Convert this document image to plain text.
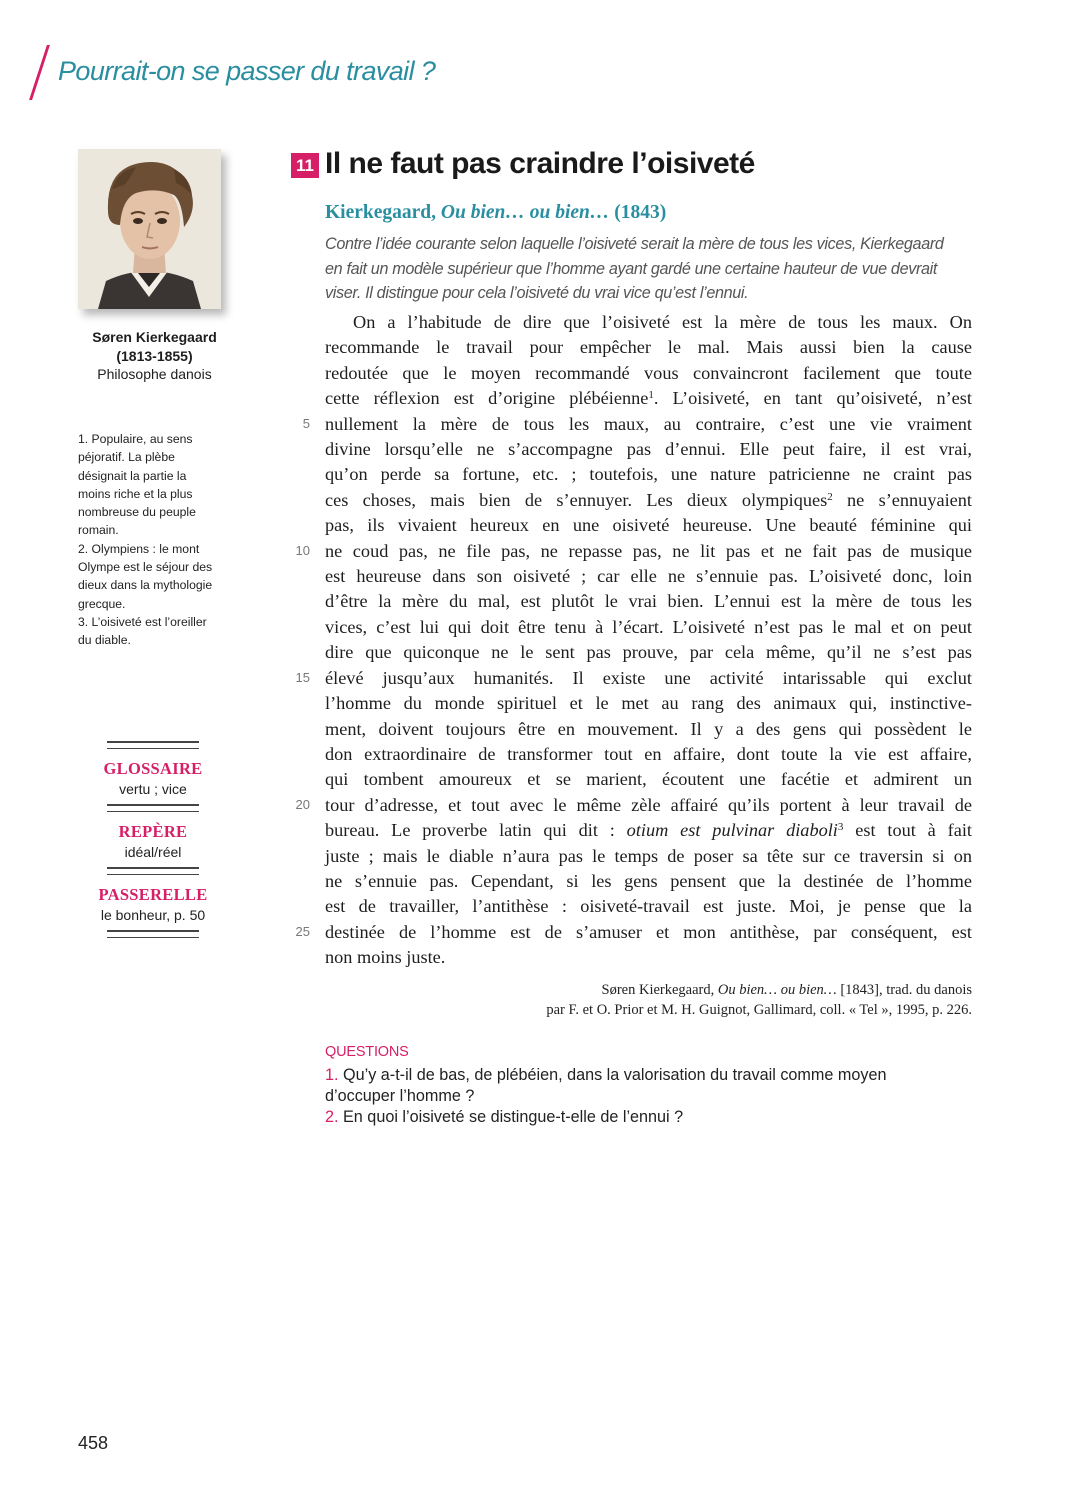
Pourrait-on se passer du travail ?
Søren Kierkegaard
(1813-1855)
Philosophe danois
1. Populaire, au sens
péjoratif. La plèbe
désignait la partie la
moins riche et la plus
nombreuse du peuple
romain.
2. Olympiens : le mont
Olympe est le séjour des
dieux dans la mythologie
grecque.
3. L’oisiveté est l’oreiller
du diable.
GLOSSAIRE
vertu ; vice
REPÈRE
idéal/réel
PASSERELLE
le bonheur, p. 50
11 Il ne faut pas craindre l’oisiveté
Kierkegaard, Ou bien… ou bien… (1843)
Contre l’idée courante selon laquelle l’oisiveté serait la mère de tous les vices, Kierkegaard
en fait un modèle supérieur que l’homme ayant gardé une certaine hauteur de vue devrait
viser. Il distingue pour cela l’oisiveté du vrai vice qu’est l’ennui.
5
10
15
20
25
On a l’habitude de dire que l’oisiveté est la mère de tous les maux. On
recommande le travail pour empêcher le mal. Mais aussi bien la cause
redoutée que le moyen recommandé vous convaincront facilement que toute
cette réflexion est d’origine plébéienne$^1$. L’oisiveté, en tant qu’oisiveté, n’est
nullement la mère de tous les maux, au contraire, c’est une vie vraiment
divine lorsqu’elle ne s’accompagne pas d’ennui. Elle peut faire, il est vrai,
qu’on perde sa fortune, etc. ; toutefois, une nature patricienne ne craint pas
ces choses, mais bien de s’ennuyer. Les dieux olympiques$^2$ ne s’ennuyaient
pas, ils vivaient heureux en une oisiveté heureuse. Une beauté féminine qui
ne coud pas, ne file pas, ne repasse pas, ne lit pas et ne fait pas de musique
est heureuse dans son oisiveté ; car elle ne s’ennuie pas. L’oisiveté donc, loin
d’être la mère du mal, est plutôt le vrai bien. L’ennui est la mère de tous les
vices, c’est lui qui doit être tenu à l’écart. L’oisiveté n’est pas le mal et on peut
dire que quiconque ne le sent pas prouve, par cela même, qu’il ne s’est pas
élevé jusqu’aux humanités. Il existe une activité intarissable qui exclut
l’homme du monde spirituel et le met au rang des animaux qui, instinctive-
ment, doivent toujours être en mouvement. Il y a des gens qui possèdent le
don extraordinaire de transformer tout en affaire, dont toute la vie est affaire,
qui tombent amoureux et se marient, écoutent une facétie et admirent un
tour d’adresse, et tout avec le même zèle affairé qu’ils portent à leur travail de
bureau. Le proverbe latin qui dit : otium est pulvinar diaboli$^3$ est tout à fait
juste ; mais le diable n’aura pas le temps de poser sa tête sur ce traversin si on
ne s’ennuie pas. Cependant, si les gens pensent que la destinée de l’homme
est de travailler, l’antithèse : oisiveté-travail est juste. Moi, je pense que la
destinée de l’homme est de s’amuser et mon antithèse, par conséquent, est
non moins juste.
Søren Kierkegaard, Ou bien… ou bien… [1843], trad. du danois
par F. et O. Prior et M. H. Guignot, Gallimard, coll. « Tel », 1995, p. 226.
QUESTIONS
1. Qu’y a-t-il de bas, de plébéien, dans la valorisation du travail comme moyen
d’occuper l’homme ?
2. En quoi l’oisiveté se distingue-t-elle de l’ennui ?
458
